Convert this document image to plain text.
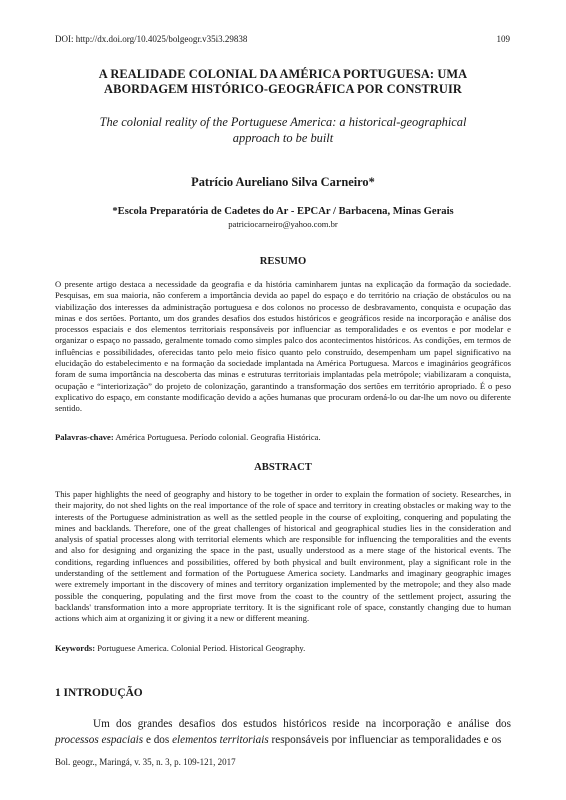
DOI: http://dx.doi.org/10.4025/bolgeogr.v35i3.29838	109
A REALIDADE COLONIAL DA AMÉRICA PORTUGUESA: UMA
ABORDAGEM HISTÓRICO-GEOGRÁFICA POR CONSTRUIR
The colonial reality of the Portuguese America: a historical-geographical
approach to be built
Patrício Aureliano Silva Carneiro*
*Escola Preparatória de Cadetes do Ar - EPCAr / Barbacena, Minas Gerais
patriciocarneiro@yahoo.com.br
RESUMO

O presente artigo destaca a necessidade da geografia e da história caminharem juntas na explicação da formação da sociedade. Pesquisas, em sua maioria, não conferem a importância devida ao papel do espaço e do território na criação de obstáculos ou na viabilização dos interesses da administração portuguesa e dos colonos no processo de desbravamento, conquista e ocupação das minas e dos sertões. Portanto, um dos grandes desafios dos estudos históricos e geográficos reside na incorporação e análise dos processos espaciais e dos elementos territoriais responsáveis por influenciar as temporalidades e os eventos e por modelar e organizar o espaço no passado, geralmente tomado como simples palco dos acontecimentos históricos. As condições, em termos de influências e possibilidades, oferecidas tanto pelo meio físico quanto pelo construído, desempenham um papel significativo na elucidação do estabelecimento e na formação da sociedade implantada na América Portuguesa. Marcos e imaginários geográficos foram de suma importância na descoberta das minas e estruturas territoriais implantadas pela metrópole; viabilizaram a conquista, ocupação e “interiorização” do projeto de colonização, garantindo a transformação dos sertões em território apropriado. É o peso explicativo do espaço, em constante modificação devido a ações humanas que procuram ordená-lo ou dar-lhe um novo ou diferente sentido.

Palavras-chave: América Portuguesa. Período colonial. Geografia Histórica.
ABSTRACT

This paper highlights the need of geography and history to be together in order to explain the formation of society. Researches, in their majority, do not shed lights on the real importance of the role of space and territory in creating obstacles or making way to the interests of the Portuguese administration as well as the settled people in the course of exploiting, conquering and populating the mines and backlands. Therefore, one of the great challenges of historical and geographical studies lies in the consideration and analysis of spatial processes along with territorial elements which are responsible for influencing the temporalities and the events and also for designing and organizing the space in the past, usually understood as a mere stage of the historical events. The conditions, regarding influences and possibilities, offered by both physical and built environment, play a significant role in the understanding of the settlement and formation of the Portuguese America society. Landmarks and imaginary geographic images were extremely important in the discovery of mines and territory organization implemented by the metropole; and they also made possible the conquering, populating and the first move from the coast to the country of the settlement project, assuring the backlands' transformation into a more appropriate territory. It is the significant role of space, constantly changing due to human actions which aim at organizing it or giving it a new or different meaning.

Keywords: Portuguese America. Colonial Period. Historical Geography.
1 INTRODUÇÃO

Um dos grandes desafios dos estudos históricos reside na incorporação e análise dos processos espaciais e dos elementos territoriais responsáveis por influenciar as temporalidades e os

Bol. geogr., Maringá, v. 35, n. 3, p. 109-121, 2017
